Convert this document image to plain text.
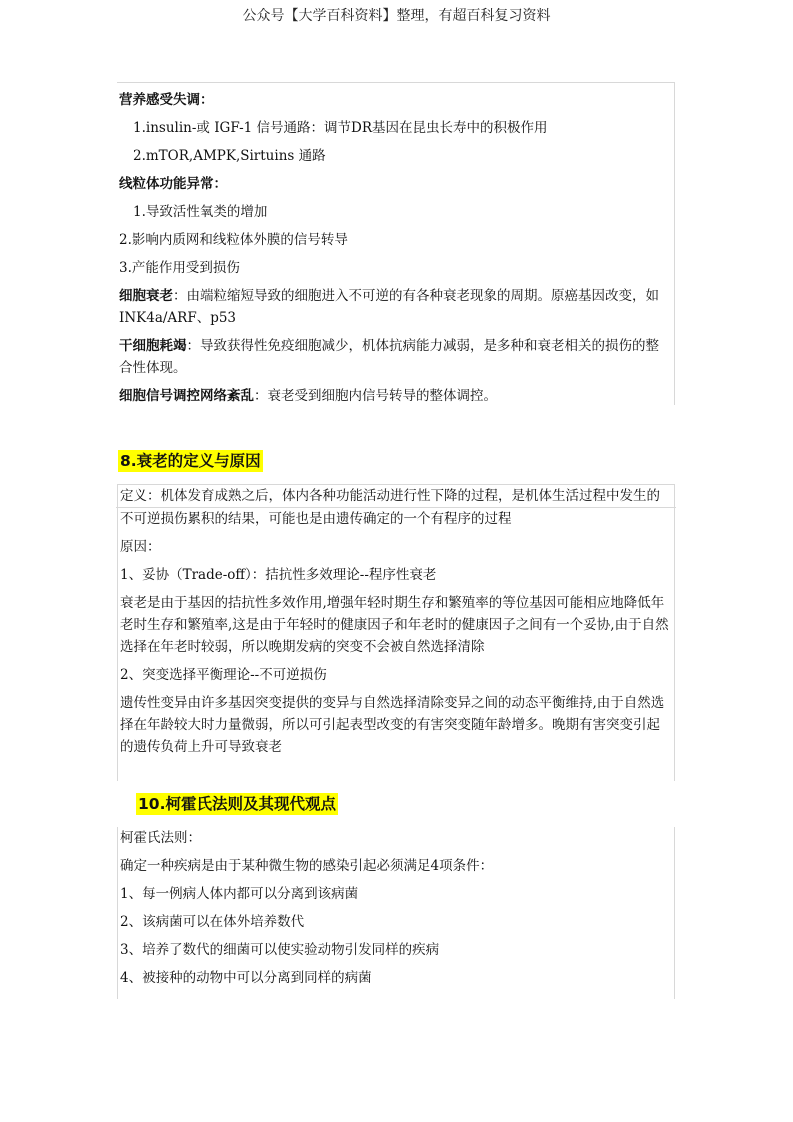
公众号【大学百科资料】整理，有超百科复习资料

营养感受失调：

1.insulin-或 IGF-1 信号通路：调节DR基因在昆虫长寿中的积极作用

2.mTOR,AMPK,Sirtuins 通路

线粒体功能异常：

1.导致活性氧类的增加

2.影响内质网和线粒体外膜的信号转导

3.产能作用受到损伤

细胞衰老：由端粒缩短导致的细胞进入不可逆的有各种衰老现象的周期。原癌基因改变，如INK4a/ARF、p53

干细胞耗竭：导致获得性免疫细胞减少，机体抗病能力减弱，是多种和衰老相关的损伤的整合性体现。

细胞信号调控网络紊乱：衰老受到细胞内信号转导的整体调控。

8.衰老的定义与原因

定义：机体发育成熟之后，体内各种功能活动进行性下降的过程，是机体生活过程中发生的

不可逆损伤累积的结果，可能也是由遗传确定的一个有程序的过程

原因：

1、妥协（Trade-off）：拮抗性多效理论--程序性衰老

衰老是由于基因的拮抗性多效作用,增强年轻时期生存和繁殖率的等位基因可能相应地降低年老时生存和繁殖率,这是由于年轻时的健康因子和年老时的健康因子之间有一个妥协,由于自然选择在年老时较弱，所以晚期发病的突变不会被自然选择清除

2、突变选择平衡理论--不可逆损伤

遗传性变异由许多基因突变提供的变异与自然选择清除变异之间的动态平衡维持,由于自然选择在年龄较大时力量微弱，所以可引起表型改变的有害突变随年龄增多。晚期有害突变引起的遗传负荷上升可导致衰老

10.柯霍氏法则及其现代观点

柯霍氏法则：

确定一种疾病是由于某种微生物的感染引起必须满足4项条件：

1、每一例病人体内都可以分离到该病菌

2、该病菌可以在体外培养数代

3、培养了数代的细菌可以使实验动物引发同样的疾病

4、被接种的动物中可以分离到同样的病菌
